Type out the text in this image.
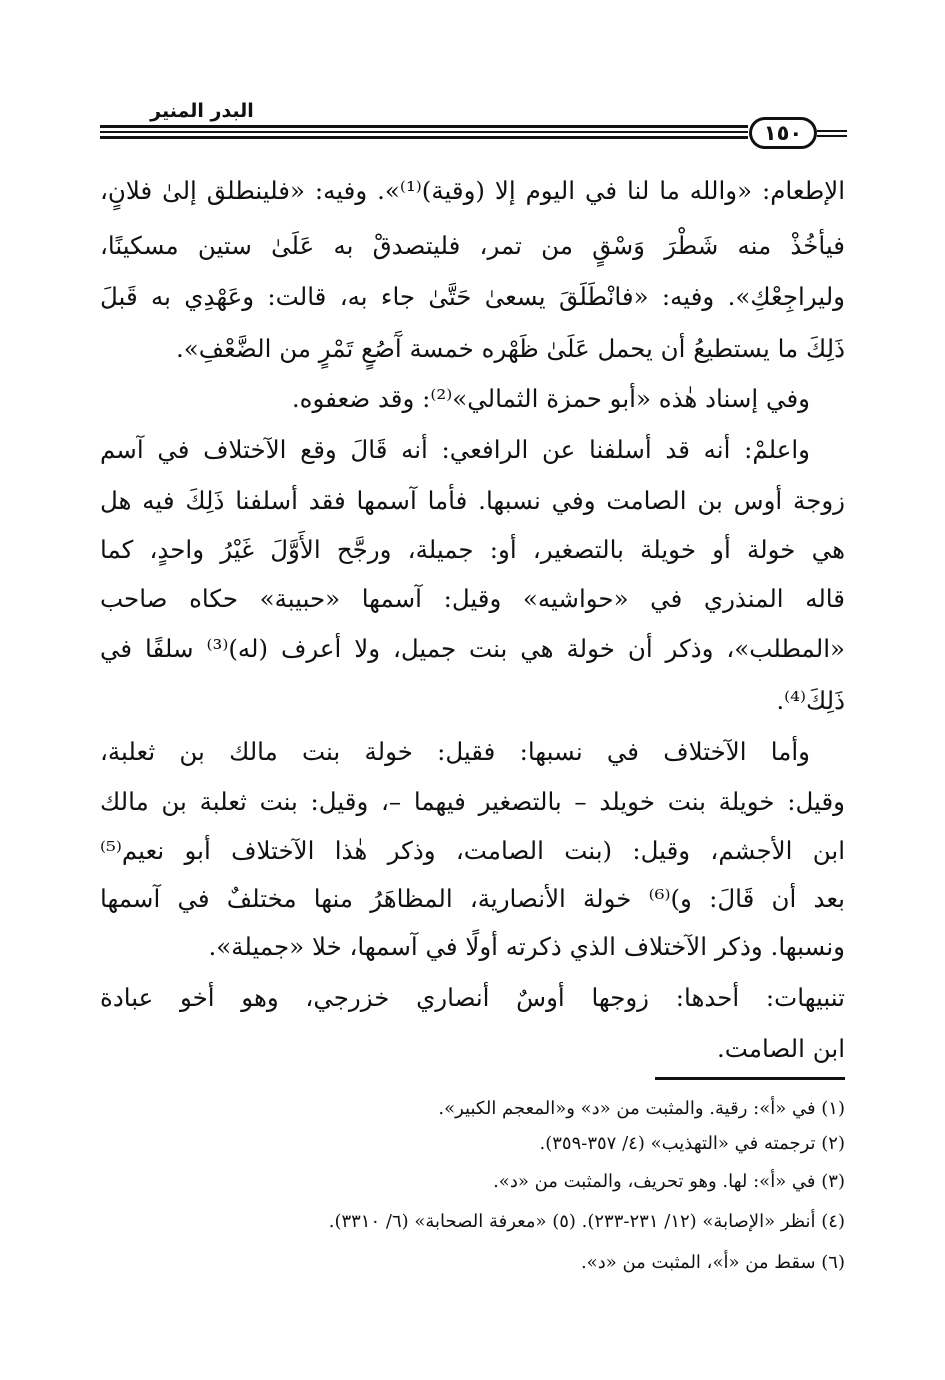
البدر المنير
١٥٠
الإطعام: «والله ما لنا في اليوم إلا (وقية)⁽¹⁾». وفيه: «فلينطلق إلىٰ فلانٍ،
فيأخُذْ منه شَطْرَ وَسْقٍ من تمر، فليتصدقْ به عَلَىٰ ستين مسكينًا،
وليراجِعْكِ». وفيه: «فانْطَلَقَ يسعىٰ حَتَّىٰ جاء به، قالت: وعَهْدِي به قَبلَ
ذَلِكَ ما يستطيعُ أن يحمل عَلَىٰ ظَهْره خمسة آَصُعٍ تَمْرٍ من الضَّعْفِ».
وفي إسناد هٰذه «أبو حمزة الثمالي»⁽²⁾: وقد ضعفوه.
واعلمْ: أنه قد أسلفنا عن الرافعي: أنه قَالَ وقع الآختلاف في آسم
زوجة أوس بن الصامت وفي نسبها. فأما آسمها فقد أسلفنا ذَلِكَ فيه هل
هي خولة أو خويلة بالتصغير، أو: جميلة، ورجَّح الأَوَّلَ غَيْرُ واحدٍ، كما
قاله المنذري في «حواشيه» وقيل: آسمها «حبيبة» حكاه صاحب
«المطلب»، وذكر أن خولة هي بنت جميل، ولا أعرف (له)⁽³⁾ سلفًا في
ذَلِكَ⁽⁴⁾.
وأما الآختلاف في نسبها: فقيل: خولة بنت مالك بن ثعلبة،
وقيل: خويلة بنت خويلد – بالتصغير فيهما –، وقيل: بنت ثعلبة بن مالك
ابن الأجشم، وقيل: (بنت الصامت، وذكر هٰذا الآختلاف أبو نعيم⁽⁵⁾
بعد أن قَالَ: و)⁽⁶⁾ خولة الأنصارية، المظاهَرُ منها مختلفٌ في آسمها
ونسبها. وذكر الآختلاف الذي ذكرته أولًا في آسمها، خلا «جميلة».
تنبيهات: أحدها: زوجها أوسٌ أنصاري خزرجي، وهو أخو عبادة
ابن الصامت.
(١) في «أ»: رقية. والمثبت من «د» و«المعجم الكبير».
(٢) ترجمته في «التهذيب» (٤/ ٣٥٧-٣٥٩).
(٣) في «أ»: لها. وهو تحريف، والمثبت من «د».
(٤) أنظر «الإصابة» (١٢/ ٢٣١-٢٣٣). (٥) «معرفة الصحابة» (٦/ ٣٣١٠).
(٦) سقط من «أ»، المثبت من «د».
